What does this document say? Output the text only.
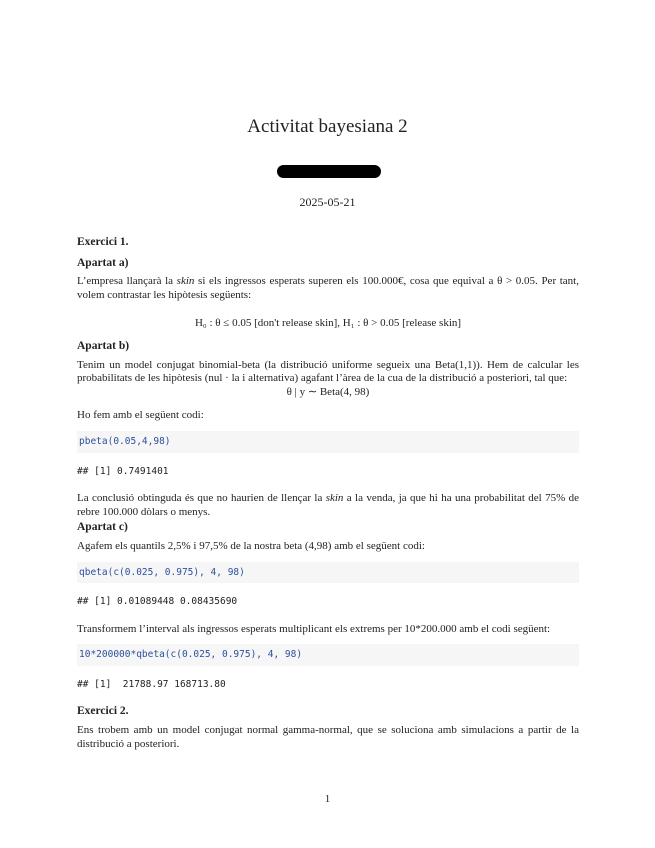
Activitat bayesiana 2
2025-05-21

Exercici 1.

Apartat a)

L’empresa llançarà la skin si els ingressos esperats superen els 100.000€, cosa que equival a θ > 0.05. Per tant, volem contrastar les hipòtesis següents:

H₀ : θ ≤ 0.05 [don't release skin], H₁ : θ > 0.05 [release skin]

Apartat b)

Tenim un model conjugat binomial-beta (la distribució uniforme segueix una Beta(1,1)). Hem de calcular les probabilitats de les hipòtesis (nul · la i alternativa) agafant l’àrea de la cua de la distribució a posteriori, tal que:

θ | y ∼ Beta(4, 98)

Ho fem amb el següent codi:

pbeta(0.05,4,98)

## [1] 0.7491401

La conclusió obtinguda és que no haurien de llençar la skin a la venda, ja que hi ha una probabilitat del 75% de rebre 100.000 dòlars o menys.

Apartat c)

Agafem els quantils 2,5% i 97,5% de la nostra beta (4,98) amb el següent codi:

qbeta(c(0.025, 0.975), 4, 98)

## [1] 0.01089448 0.08435690

Transformem l’interval als ingressos esperats multiplicant els extrems per 10*200.000 amb el codi següent:

10*200000*qbeta(c(0.025, 0.975), 4, 98)

## [1]  21788.97 168713.80

Exercici 2.

Ens trobem amb un model conjugat normal gamma-normal, que se soluciona amb simulacions a partir de la distribució a posteriori.

1
